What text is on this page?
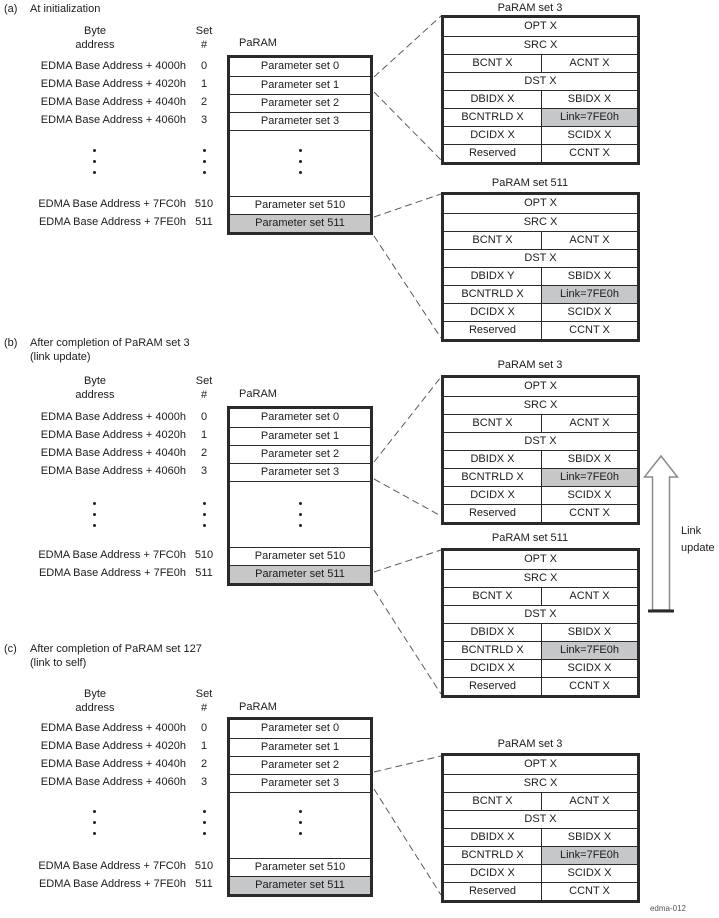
(a) At initialization
Byte
address
Set
#	PaRAM
EDMA Base Address + 4000h	0
EDMA Base Address + 4020h	1
EDMA Base Address + 4040h	2
EDMA Base Address + 4060h	3
EDMA Base Address + 7FC0h 510
EDMA Base Address + 7FE0h 511
Parameter set 0
Parameter set 1
Parameter set 2
Parameter set 3
Parameter set 510
Parameter set 511
PaRAM set 3
OPT X
SRC X
BCNT X	ACNT X
DST X
DBIDX X	SBIDX X
BCNTRLD X	Link=7FE0h
DCIDX X	SCIDX X
Reserved	CCNT X
PaRAM set 511
OPT X
SRC X
BCNT X	ACNT X
DST X
DBIDX Y	SBIDX X
BCNTRLD X	Link=7FE0h
DCIDX X	SCIDX X
Reserved	CCNT X
(b) After completion of PaRAM set 3
(link update)
Byte
address
Set
#	PaRAM
EDMA Base Address + 4000h	0
EDMA Base Address + 4020h	1
EDMA Base Address + 4040h	2
EDMA Base Address + 4060h	3
EDMA Base Address + 7FC0h 510
EDMA Base Address + 7FE0h 511
Parameter set 0
Parameter set 1
Parameter set 2
Parameter set 3
Parameter set 510
Parameter set 511
PaRAM set 3
OPT X
SRC X
BCNT X	ACNT X
DST X
DBIDX X	SBIDX X
BCNTRLD X	Link=7FE0h
DCIDX X	SCIDX X
Reserved	CCNT X
PaRAM set 511
OPT X
SRC X
BCNT X	ACNT X
DST X
DBIDX X	SBIDX X
BCNTRLD X	Link=7FE0h
DCIDX X	SCIDX X
Reserved	CCNT X
Link
update
(c) After completion of PaRAM set 127
(link to self)
Byte
address
Set
#	PaRAM
EDMA Base Address + 4000h	0
EDMA Base Address + 4020h	1
EDMA Base Address + 4040h	2
EDMA Base Address + 4060h	3
EDMA Base Address + 7FC0h 510
EDMA Base Address + 7FE0h 511
Parameter set 0
Parameter set 1
Parameter set 2
Parameter set 3
Parameter set 510
Parameter set 511
PaRAM set 3
OPT X
SRC X
BCNT X	ACNT X
DST X
DBIDX X	SBIDX X
BCNTRLD X	Link=7FE0h
DCIDX X	SCIDX X
Reserved	CCNT X
edma-012
